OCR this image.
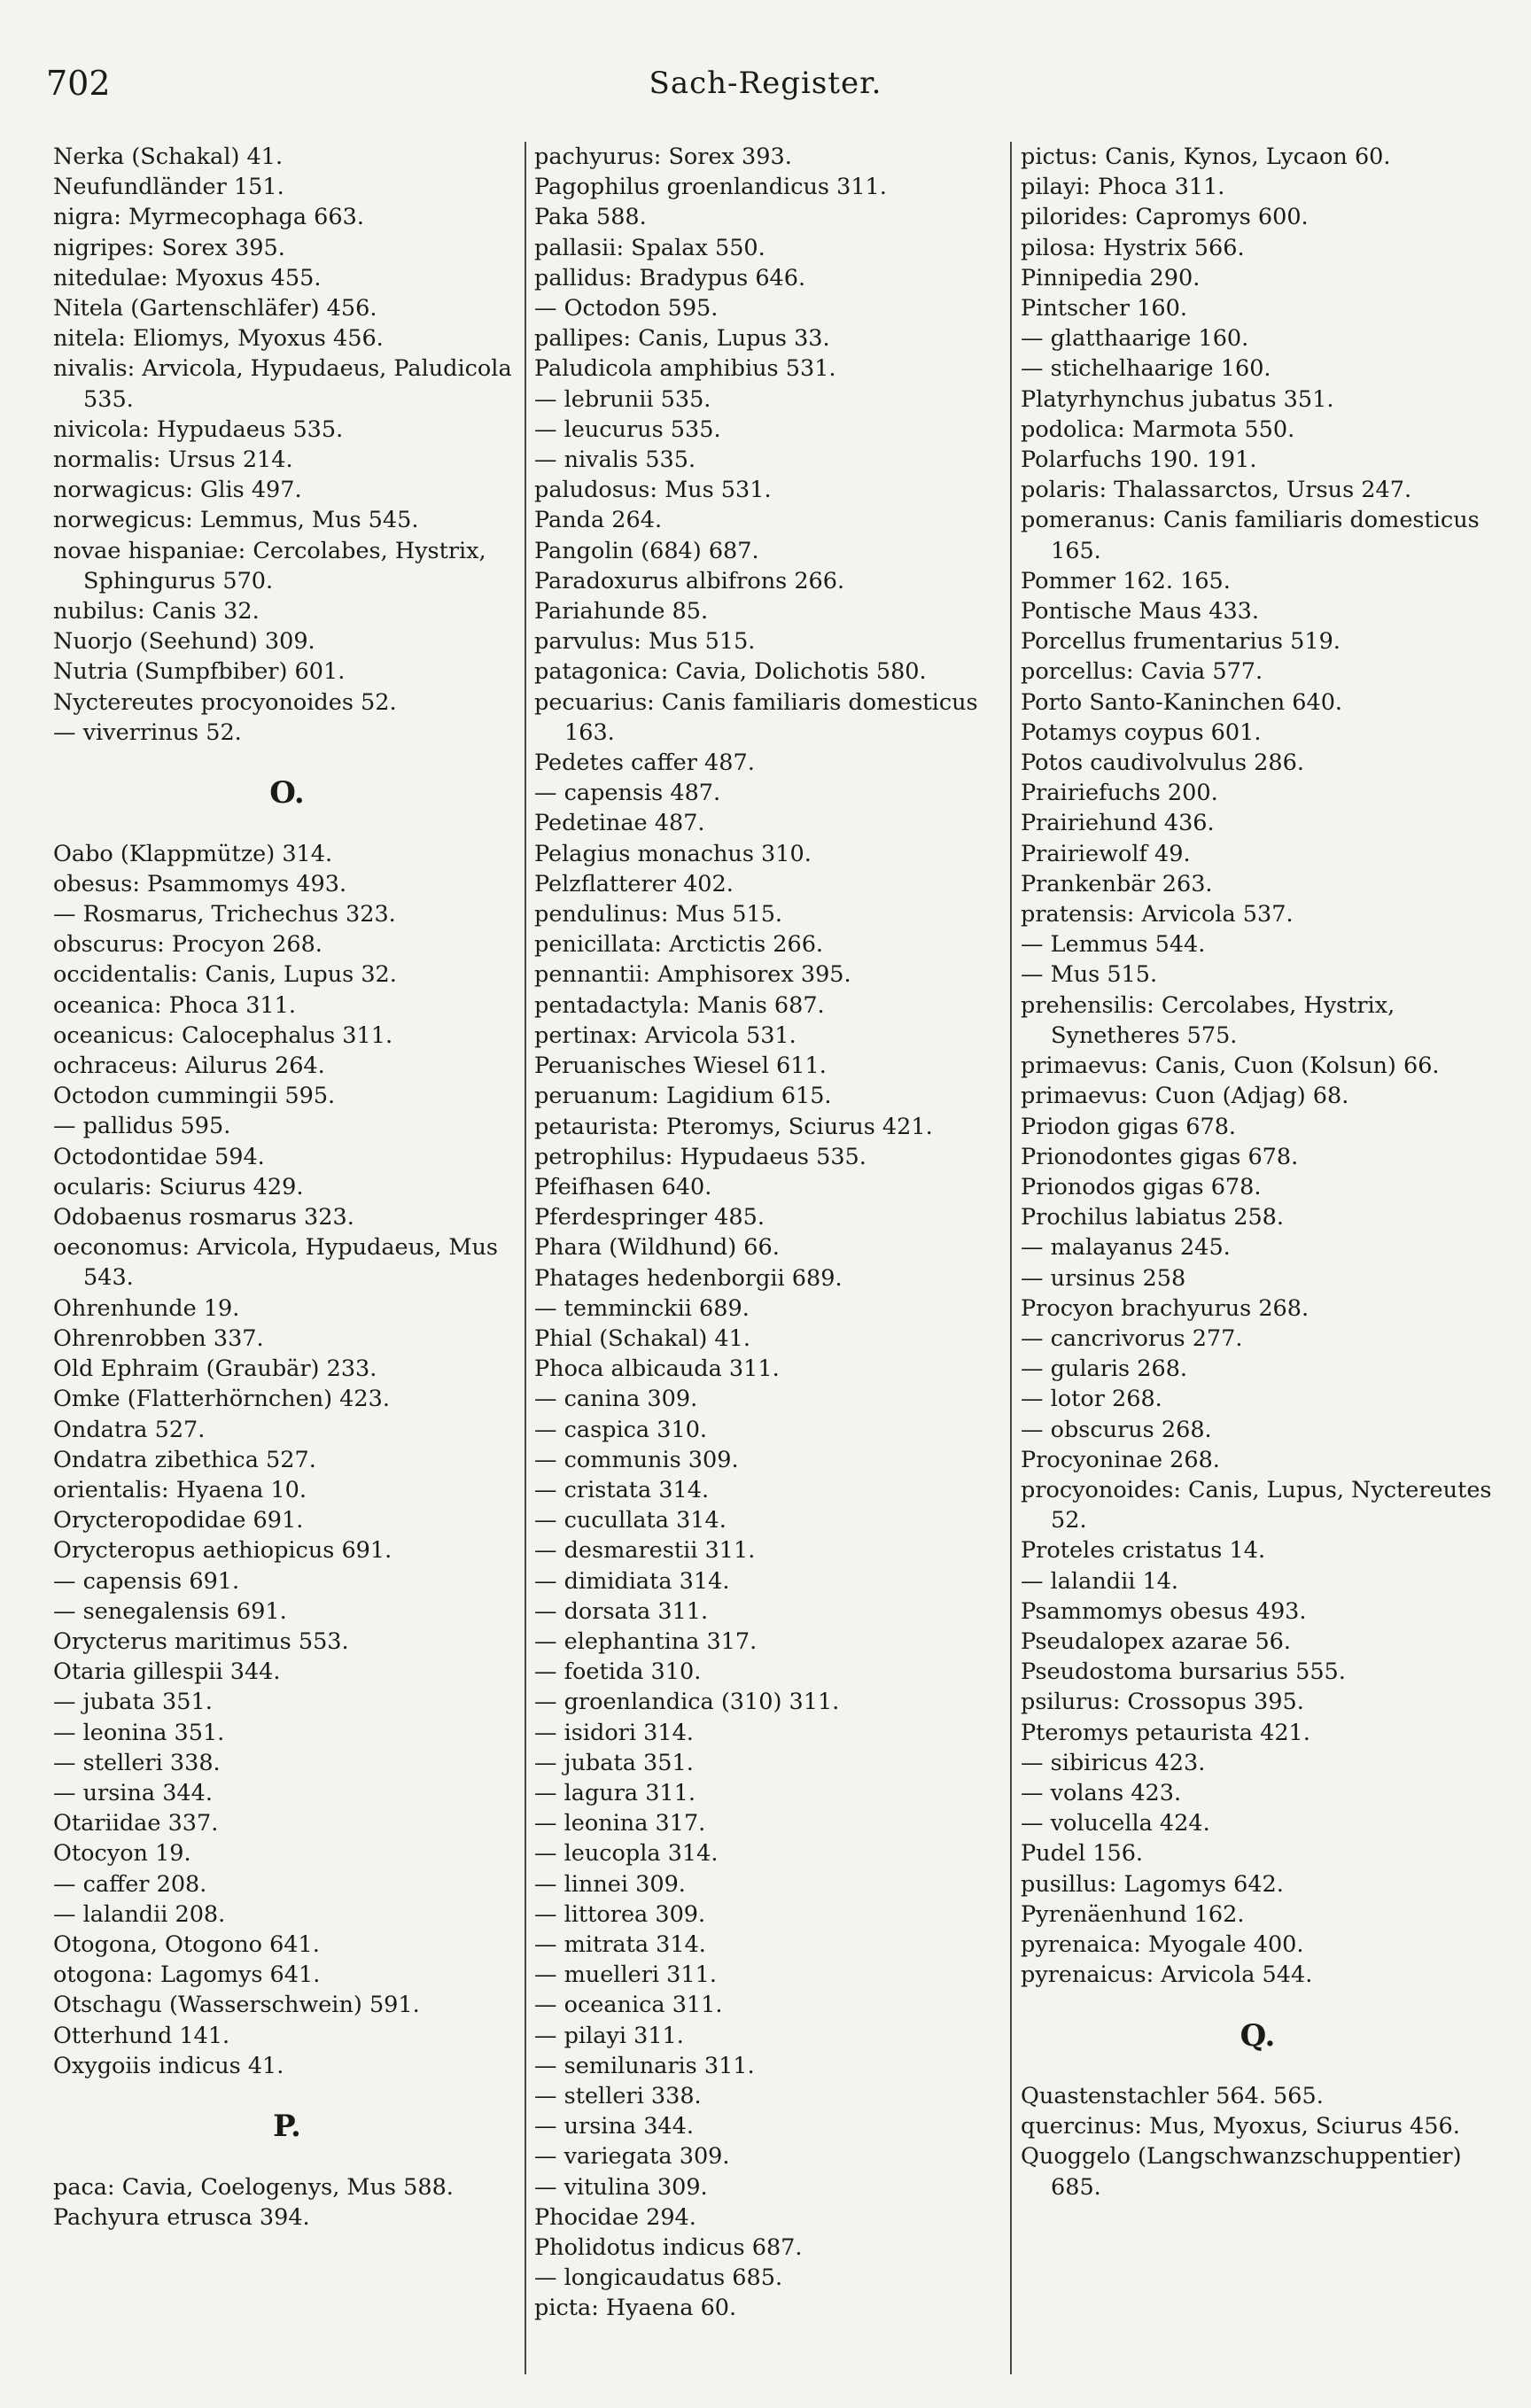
702	Sach-Register.
Nerka (Schakal) 41.
Neufundländer 151.
nigra: Myrmecophaga 663.
nigripes: Sorex 395.
nitedulae: Myoxus 455.
Nitela (Gartenschläfer) 456.
nitela: Eliomys, Myoxus 456.
nivalis: Arvicola, Hypudaeus, Paludicola 535.
nivicola: Hypudaeus 535.
normalis: Ursus 214.
norwagicus: Glis 497.
norwegicus: Lemmus, Mus 545.
novae hispaniae: Cercolabes, Hystrix, Sphingurus 570.
nubilus: Canis 32.
Nuorjo (Seehund) 309.
Nutria (Sumpfbiber) 601.
Nyctereutes procyonoides 52.
— viverrinus 52.
O.
Oabo (Klappmütze) 314.
obesus: Psammomys 493.
— Rosmarus, Trichechus 323.
obscurus: Procyon 268.
occidentalis: Canis, Lupus 32.
oceanica: Phoca 311.
oceanicus: Calocephalus 311.
ochraceus: Ailurus 264.
Octodon cummingii 595.
— pallidus 595.
Octodontidae 594.
ocularis: Sciurus 429.
Odobaenus rosmarus 323.
oeconomus: Arvicola, Hypudaeus, Mus 543.
Ohrenhunde 19.
Ohrenrobben 337.
Old Ephraim (Graubär) 233.
Omke (Flatterhörnchen) 423.
Ondatra 527.
Ondatra zibethica 527.
orientalis: Hyaena 10.
Orycteropodidae 691.
Orycteropus aethiopicus 691.
— capensis 691.
— senegalensis 691.
Orycterus maritimus 553.
Otaria gillespii 344.
— jubata 351.
— leonina 351.
— stelleri 338.
— ursina 344.
Otariidae 337.
Otocyon 19.
— caffer 208.
— lalandii 208.
Otogona, Otogono 641.
otogona: Lagomys 641.
Otschagu (Wasserschwein) 591.
Otterhund 141.
Oxygoiis indicus 41.
P.
paca: Cavia, Coelogenys, Mus 588.
Pachyura etrusca 394.
pachyurus: Sorex 393.
Pagophilus groenlandicus 311.
Paka 588.
pallasii: Spalax 550.
pallidus: Bradypus 646.
— Octodon 595.
pallipes: Canis, Lupus 33.
Paludicola amphibius 531.
— lebrunii 535.
— leucurus 535.
— nivalis 535.
paludosus: Mus 531.
Panda 264.
Pangolin (684) 687.
Paradoxurus albifrons 266.
Pariahunde 85.
parvulus: Mus 515.
patagonica: Cavia, Dolichotis 580.
pecuarius: Canis familiaris domesticus 163.
Pedetes caffer 487.
— capensis 487.
Pedetinae 487.
Pelagius monachus 310.
Pelzflatterer 402.
pendulinus: Mus 515.
penicillata: Arctictis 266.
pennantii: Amphisorex 395.
pentadactyla: Manis 687.
pertinax: Arvicola 531.
Peruanisches Wiesel 611.
peruanum: Lagidium 615.
petaurista: Pteromys, Sciurus 421.
petrophilus: Hypudaeus 535.
Pfeifhasen 640.
Pferdespringer 485.
Phara (Wildhund) 66.
Phatages hedenborgii 689.
— temminckii 689.
Phial (Schakal) 41.
Phoca albicauda 311.
— canina 309.
— caspica 310.
— communis 309.
— cristata 314.
— cucullata 314.
— desmarestii 311.
— dimidiata 314.
— dorsata 311.
— elephantina 317.
— foetida 310.
— groenlandica (310) 311.
— isidori 314.
— jubata 351.
— lagura 311.
— leonina 317.
— leucopla 314.
— linnei 309.
— littorea 309.
— mitrata 314.
— muelleri 311.
— oceanica 311.
— pilayi 311.
— semilunaris 311.
— stelleri 338.
— ursina 344.
— variegata 309.
— vitulina 309.
Phocidae 294.
Pholidotus indicus 687.
— longicaudatus 685.
picta: Hyaena 60.
pictus: Canis, Kynos, Lycaon 60.
pilayi: Phoca 311.
pilorides: Capromys 600.
pilosa: Hystrix 566.
Pinnipedia 290.
Pintscher 160.
— glatthaarige 160.
— stichelhaarige 160.
Platyrhynchus jubatus 351.
podolica: Marmota 550.
Polarfuchs 190. 191.
polaris: Thalassarctos, Ursus 247.
pomeranus: Canis familiaris domesticus 165.
Pommer 162. 165.
Pontische Maus 433.
Porcellus frumentarius 519.
porcellus: Cavia 577.
Porto Santo-Kaninchen 640.
Potamys coypus 601.
Potos caudivolvulus 286.
Prairiefuchs 200.
Prairiehund 436.
Prairiewolf 49.
Prankenbär 263.
pratensis: Arvicola 537.
— Lemmus 544.
— Mus 515.
prehensilis: Cercolabes, Hystrix, Synetheres 575.
primaevus: Canis, Cuon (Kolsun) 66.
primaevus: Cuon (Adjag) 68.
Priodon gigas 678.
Prionodontes gigas 678.
Prionodos gigas 678.
Prochilus labiatus 258.
— malayanus 245.
— ursinus 258
Procyon brachyurus 268.
— cancrivorus 277.
— gularis 268.
— lotor 268.
— obscurus 268.
Procyoninae 268.
procyonoides: Canis, Lupus, Nyctereutes 52.
Proteles cristatus 14.
— lalandii 14.
Psammomys obesus 493.
Pseudalopex azarae 56.
Pseudostoma bursarius 555.
psilurus: Crossopus 395.
Pteromys petaurista 421.
— sibiricus 423.
— volans 423.
— volucella 424.
Pudel 156.
pusillus: Lagomys 642.
Pyrenäenhund 162.
pyrenaica: Myogale 400.
pyrenaicus: Arvicola 544.
Q.
Quastenstachler 564. 565.
quercinus: Mus, Myoxus, Sciurus 456.
Quoggelo (Langschwanzschuppentier) 685.
